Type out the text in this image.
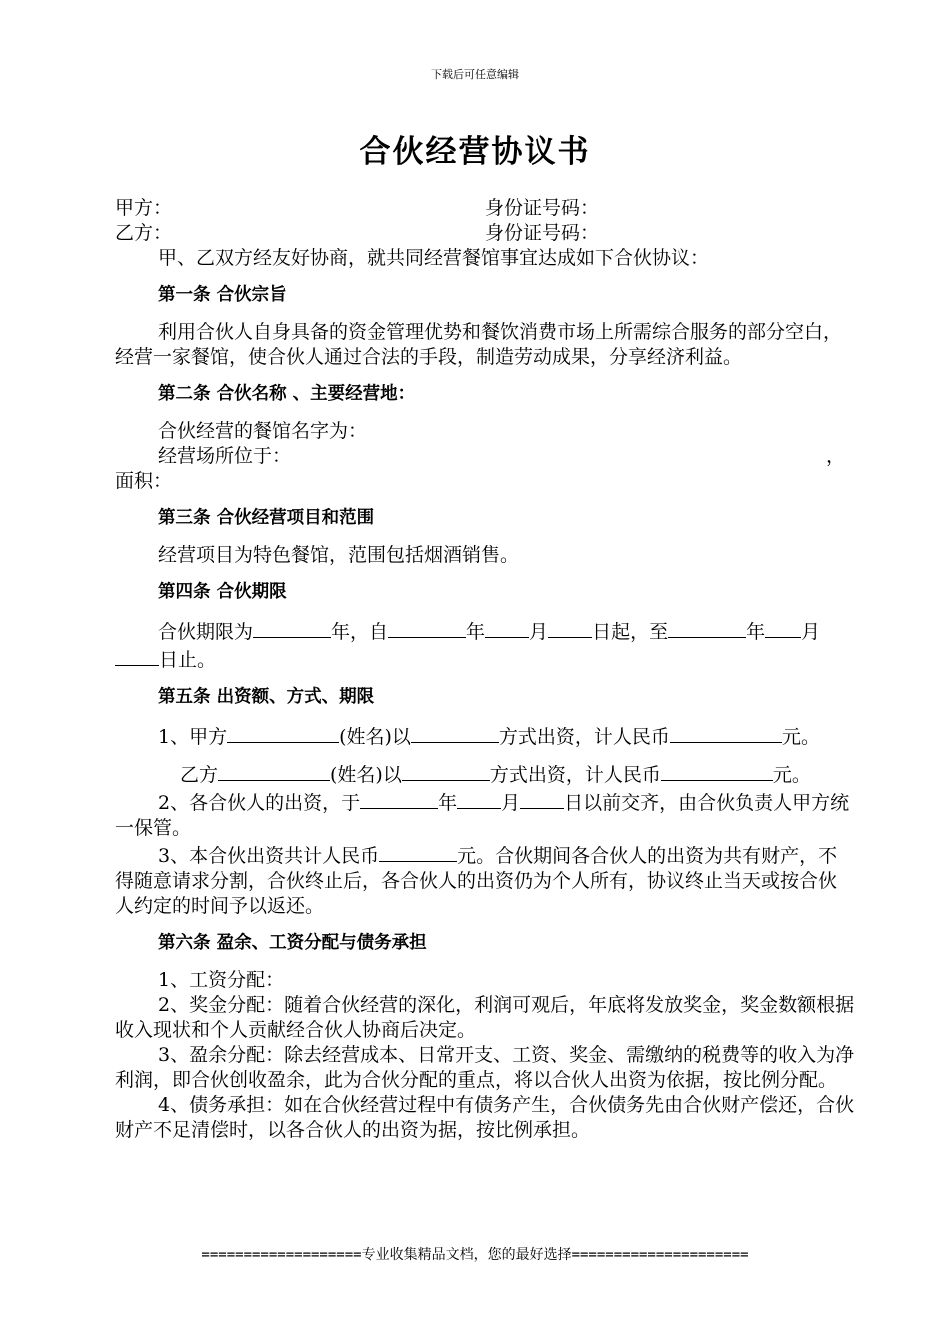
下载后可任意编辑
合伙经营协议书
甲方：	身份证号码：
乙方：	身份证号码：

甲、乙双方经友好协商，就共同经营餐馆事宜达成如下合伙协议：

第一条 合伙宗旨

利用合伙人自身具备的资金管理优势和餐饮消费市场上所需综合服务的部分空白，经营一家餐馆，使合伙人通过合法的手段，制造劳动成果，分享经济利益。

第二条 合伙名称 、主要经营地：

合伙经营的餐馆名字为：

经营场所位于：	，

面积：

第三条 合伙经营项目和范围

经营项目为特色餐馆，范围包括烟酒销售。

第四条 合伙期限

合伙期限为	年，自	年 月 日起，至	年 月日止。

第五条 出资额、方式、期限

1、甲方	(姓名)以	方式出资，计人民币	元。

乙方	(姓名)以	方式出资，计人民币	元。

2、各合伙人的出资，于	年 月 日以前交齐，由合伙负责人甲方统一保管。

3、本合伙出资共计人民币	元。合伙期间各合伙人的出资为共有财产，不得随意请求分割，合伙终止后，各合伙人的出资仍为个人所有，协议终止当天或按合伙人约定的时间予以返还。

第六条 盈余、工资分配与债务承担

1、工资分配：

2、奖金分配：随着合伙经营的深化，利润可观后，年底将发放奖金，奖金数额根据收入现状和个人贡献经合伙人协商后决定。

3、盈余分配：除去经营成本、日常开支、工资、奖金、需缴纳的税费等的收入为净利润，即合伙创收盈余，此为合伙分配的重点，将以合伙人出资为依据，按比例分配。

4、债务承担：如在合伙经营过程中有债务产生，合伙债务先由合伙财产偿还，合伙财产不足清偿时，以各合伙人的出资为据，按比例承担。

===================专业收集精品文档，您的最好选择=====================
